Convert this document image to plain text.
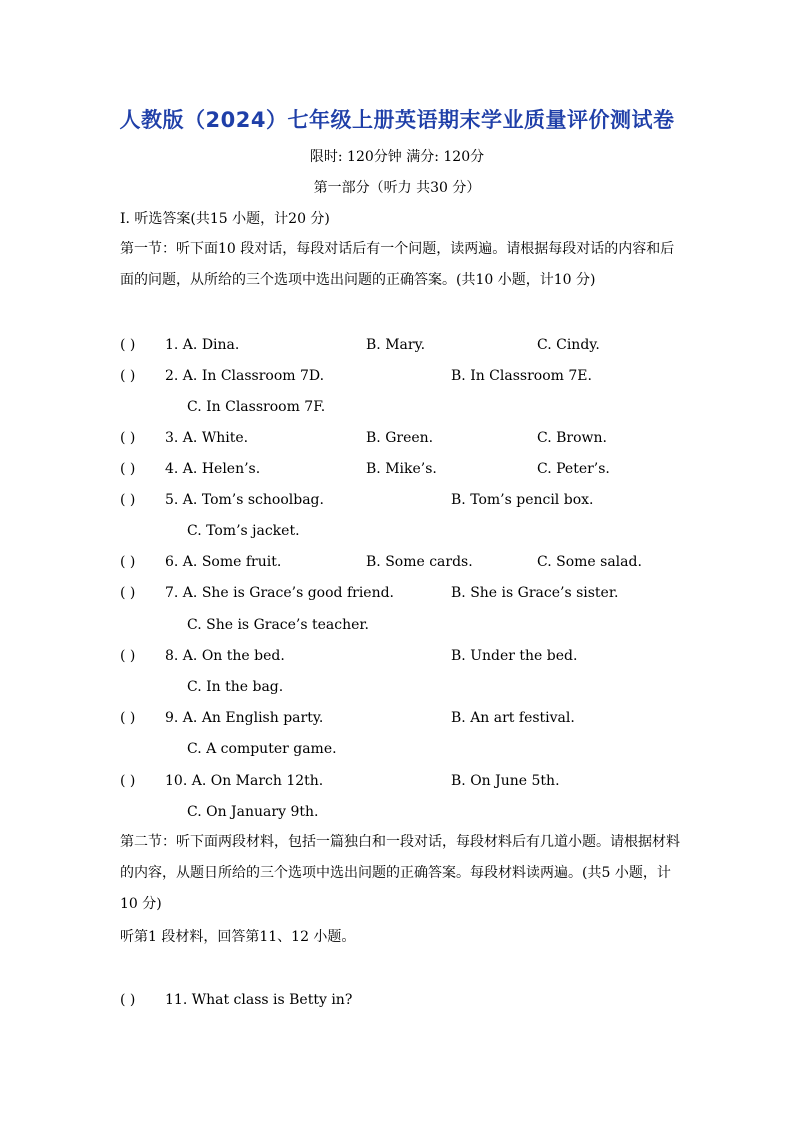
人教版（2024）七年级上册英语期末学业质量评价测试卷
限时: 120分钟 满分: 120分
第一部分（听力 共30 分）
I. 听选答案(共15 小题，计20 分)
第一节：听下面10 段对话，每段对话后有一个问题，读两遍。请根据每段对话的内容和后面的问题，从所给的三个选项中选出问题的正确答案。(共10 小题，计10 分)
( ) 1. A. Dina.	B. Mary.	C. Cindy.
( ) 2. A. In Classroom 7D.	B. In Classroom 7E.
C. In Classroom 7F.
( ) 3. A. White.	B. Green.	C. Brown.
( ) 4. A. Helen’s.	B. Mike’s.	C. Peter’s.
( ) 5. A. Tom’s schoolbag.	B. Tom’s pencil box.
C. Tom’s jacket.
( ) 6. A. Some fruit.	B. Some cards.	C. Some salad.
( ) 7. A. She is Grace’s good friend.	B. She is Grace’s sister.
C. She is Grace’s teacher.
( ) 8. A. On the bed.	B. Under the bed.
C. In the bag.
( ) 9. A. An English party.	B. An art festival.
C. A computer game.
( ) 10. A. On March 12th.	B. On June 5th.
C. On January 9th.
第二节：听下面两段材料，包括一篇独白和一段对话，每段材料后有几道小题。请根据材料的内容，从题日所给的三个选项中选出问题的正确答案。每段材料读两遍。(共5 小题，计10 分)
听第1 段材料，回答第11、12 小题。
( ) 11. What class is Betty in?
